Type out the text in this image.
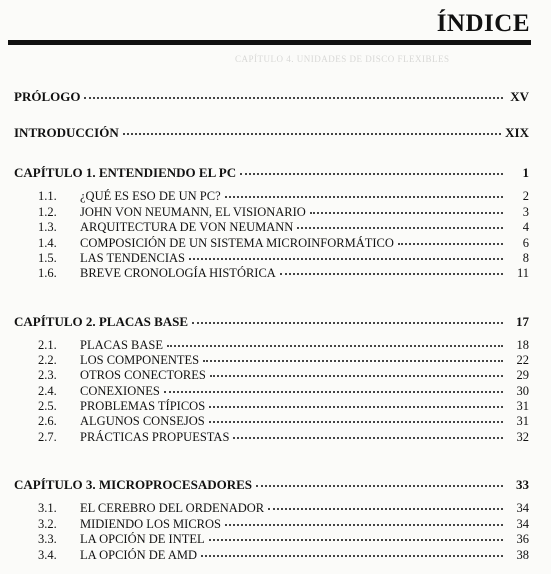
ÍNDICE
CAPÍTULO 4. UNIDADES DE DISCO FLEXIBLES
PRÓLOGO	XV
INTRODUCCIÓN	XIX
CAPÍTULO 1. ENTENDIENDO EL PC	1
1.1.	¿QUÉ ES ESO DE UN PC?	2
1.2.	JOHN VON NEUMANN, EL VISIONARIO	3
1.3.	ARQUITECTURA DE VON NEUMANN	4
1.4.	COMPOSICIÓN DE UN SISTEMA MICROINFORMÁTICO	6
1.5.	LAS TENDENCIAS	8
1.6.	BREVE CRONOLOGÍA HISTÓRICA	11
CAPÍTULO 2. PLACAS BASE	17
2.1.	PLACAS BASE	18
2.2.	LOS COMPONENTES	22
2.3.	OTROS CONECTORES	29
2.4.	CONEXIONES	30
2.5.	PROBLEMAS TÍPICOS	31
2.6.	ALGUNOS CONSEJOS	31
2.7.	PRÁCTICAS PROPUESTAS	32
CAPÍTULO 3. MICROPROCESADORES	33
3.1.	EL CEREBRO DEL ORDENADOR	34
3.2.	MIDIENDO LOS MICROS	34
3.3.	LA OPCIÓN DE INTEL	36
3.4.	LA OPCIÓN DE AMD	38
